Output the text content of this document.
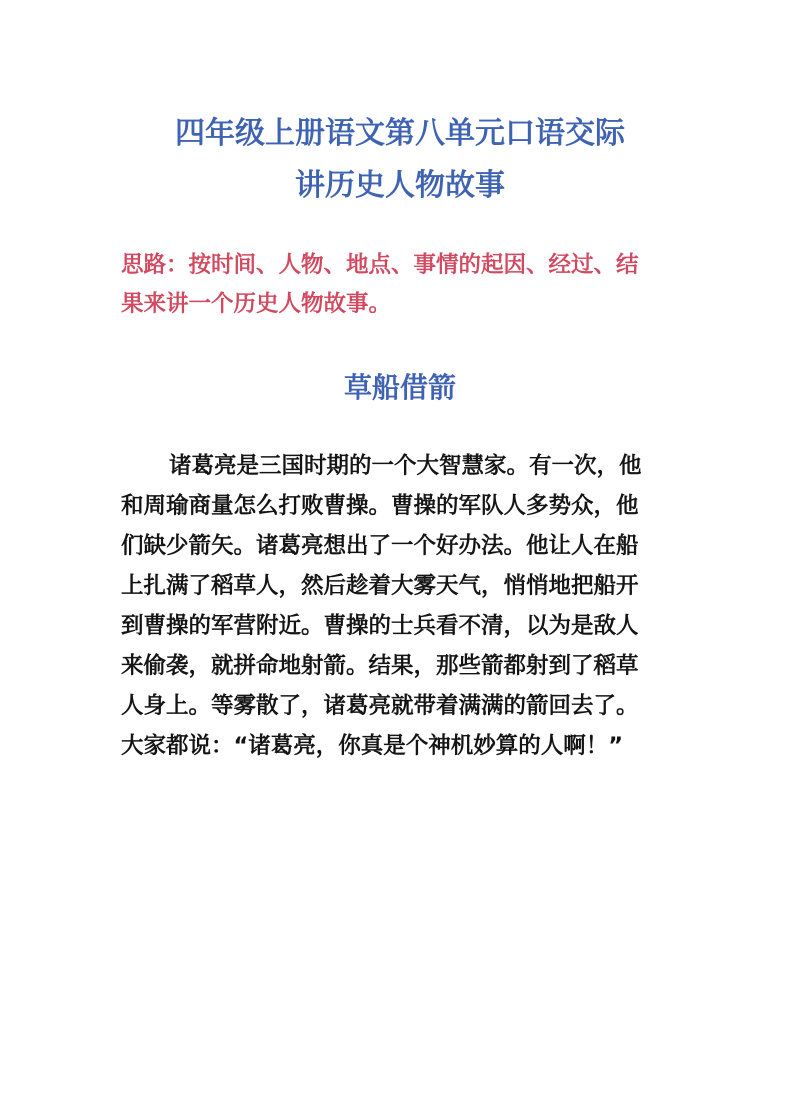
四年级上册语文第八单元口语交际
讲历史人物故事
思路：按时间、人物、地点、事情的起因、经过、结
果来讲一个历史人物故事。
草船借箭
诸葛亮是三国时期的一个大智慧家。有一次，他
和周瑜商量怎么打败曹操。曹操的军队人多势众，他
们缺少箭矢。诸葛亮想出了一个好办法。他让人在船
上扎满了稻草人，然后趁着大雾天气，悄悄地把船开
到曹操的军营附近。曹操的士兵看不清，以为是敌人
来偷袭，就拼命地射箭。结果，那些箭都射到了稻草
人身上。等雾散了，诸葛亮就带着满满的箭回去了。
大家都说：“诸葛亮，你真是个神机妙算的人啊！”
